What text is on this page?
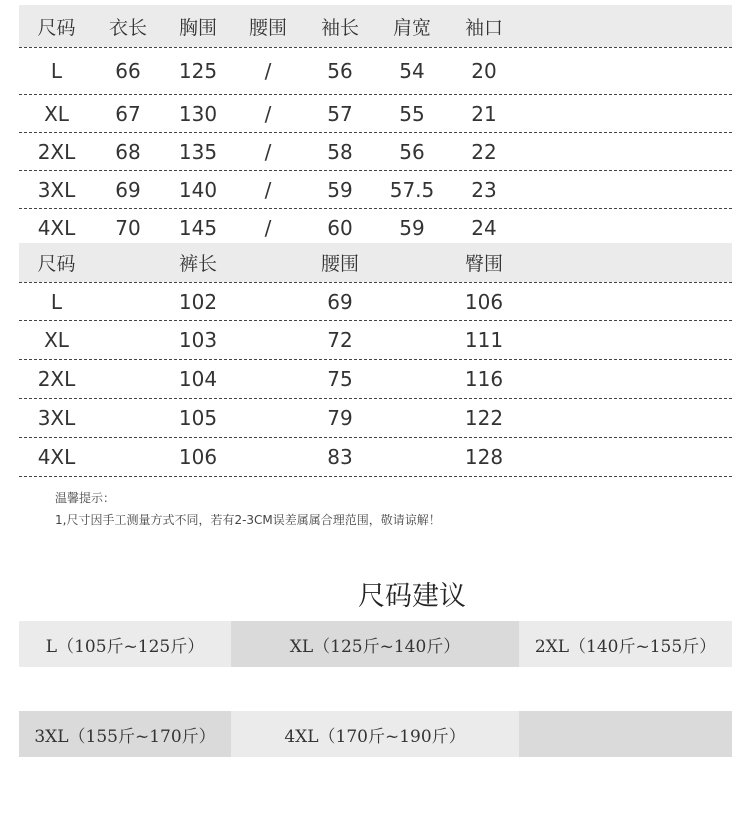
尺码	衣长	胸围	腰围	袖长	肩宽	袖口
L	66	125	/	56	54	20
XL	67	130	/	57	55	21
2XL	68	135	/	58	56	22
3XL	69	140	/	59	57.5	23
4XL	70	145	/	60	59	24
尺码	裤长	腰围	臀围
L	102	69	106
XL	103	72	111
2XL	104	75	116
3XL	105	79	122
4XL	106	83	128
温馨提示：
1,尺寸因手工测量方式不同，若有2-3CM误差属属合理范围，敬请谅解！
尺码建议
L（105斤~125斤）	XL（125斤~140斤）	2XL（140斤~155斤）
3XL（155斤~170斤）	4XL（170斤~190斤）
